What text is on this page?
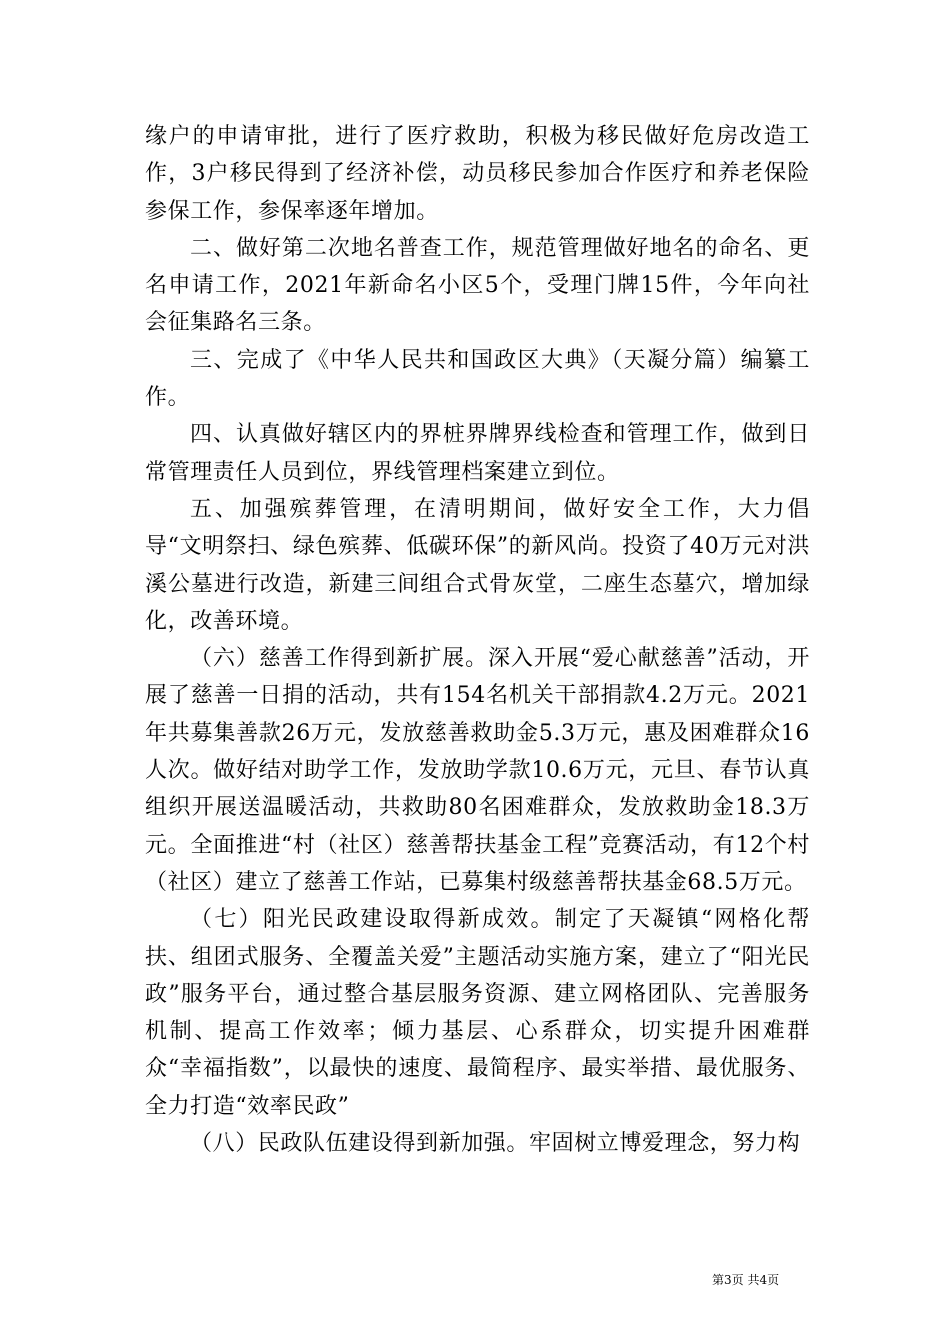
缘户的申请审批，进行了医疗救助，积极为移民做好危房改造工作，3户移民得到了经济补偿，动员移民参加合作医疗和养老保险参保工作，参保率逐年增加。

二、做好第二次地名普查工作，规范管理做好地名的命名、更名申请工作，2021年新命名小区5个，受理门牌15件，今年向社会征集路名三条。

三、完成了《中华人民共和国政区大典》（天凝分篇）编纂工作。

四、认真做好辖区内的界桩界牌界线检查和管理工作，做到日常管理责任人员到位，界线管理档案建立到位。

五、加强殡葬管理，在清明期间，做好安全工作，大力倡导“文明祭扫、绿色殡葬、低碳环保”的新风尚。投资了40万元对洪溪公墓进行改造，新建三间组合式骨灰堂，二座生态墓穴，增加绿化，改善环境。

（六）慈善工作得到新扩展。深入开展“爱心献慈善”活动，开展了慈善一日捐的活动，共有154名机关干部捐款4.2万元。2021年共募集善款26万元，发放慈善救助金5.3万元，惠及困难群众16人次。做好结对助学工作，发放助学款10.6万元，元旦、春节认真组织开展送温暖活动，共救助80名困难群众，发放救助金18.3万元。全面推进“村（社区）慈善帮扶基金工程”竞赛活动，有12个村（社区）建立了慈善工作站，已募集村级慈善帮扶基金68.5万元。

（七）阳光民政建设取得新成效。制定了天凝镇“网格化帮扶、组团式服务、全覆盖关爱”主题活动实施方案，建立了“阳光民政”服务平台，通过整合基层服务资源、建立网格团队、完善服务机制、提高工作效率；倾力基层、心系群众，切实提升困难群众“幸福指数”，以最快的速度、最简程序、最实举措、最优服务、全力打造“效率民政”

（八）民政队伍建设得到新加强。牢固树立博爱理念，努力构

第3页 共4页
